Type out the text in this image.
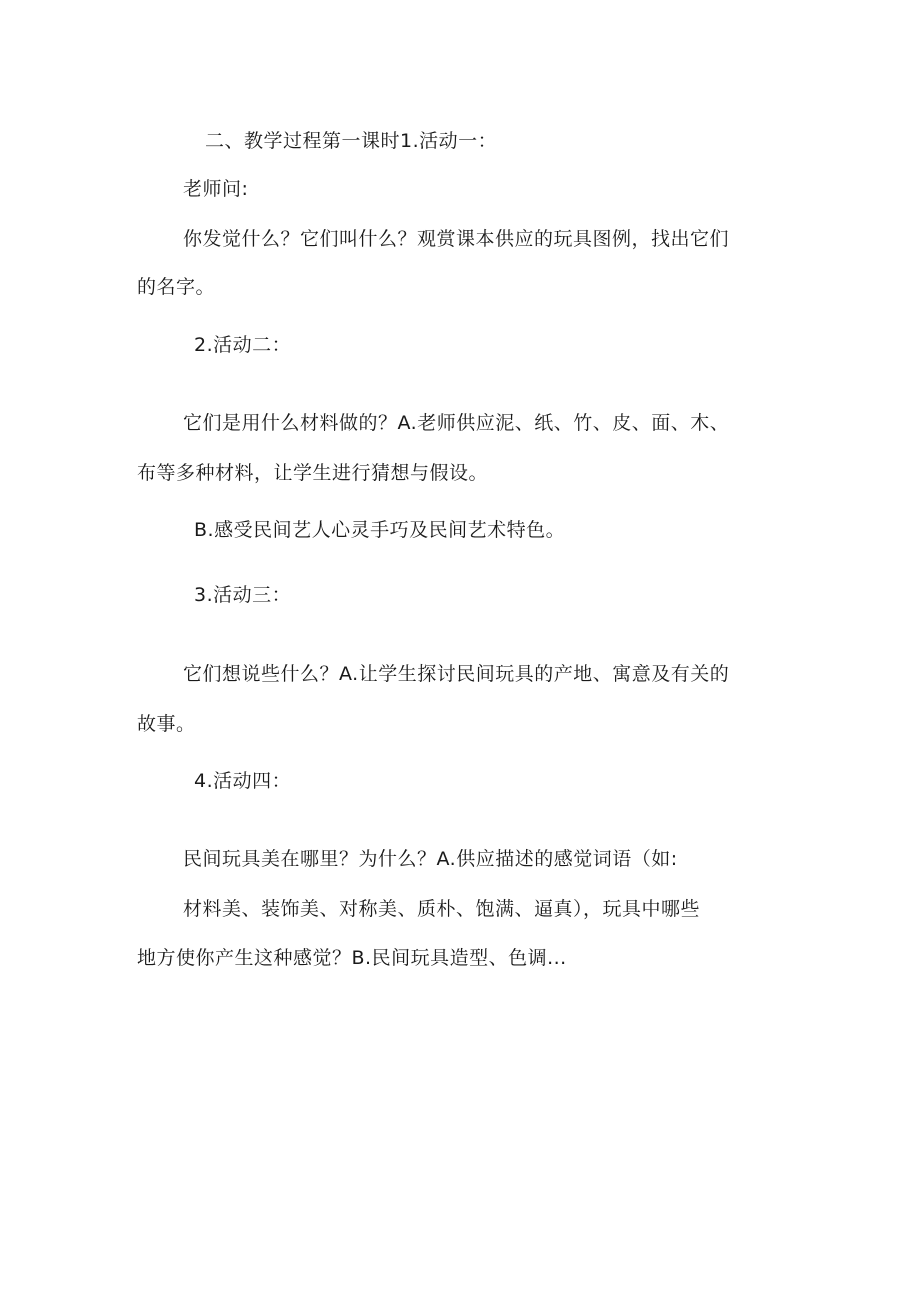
二、教学过程第一课时1.活动一：
老师问:
你发觉什么？它们叫什么？观赏课本供应的玩具图例，找出它们
的名字。
2.活动二：
它们是用什么材料做的？A.老师供应泥、纸、竹、皮、面、木、
布等多种材料，让学生进行猜想与假设。
B.感受民间艺人心灵手巧及民间艺术特色。
3.活动三：
它们想说些什么？A.让学生探讨民间玩具的产地、寓意及有关的
故事。
4.活动四：
民间玩具美在哪里？为什么？A.供应描述的感觉词语（如:
材料美、装饰美、对称美、质朴、饱满、逼真），玩具中哪些
地方使你产生这种感觉？B.民间玩具造型、色调...
